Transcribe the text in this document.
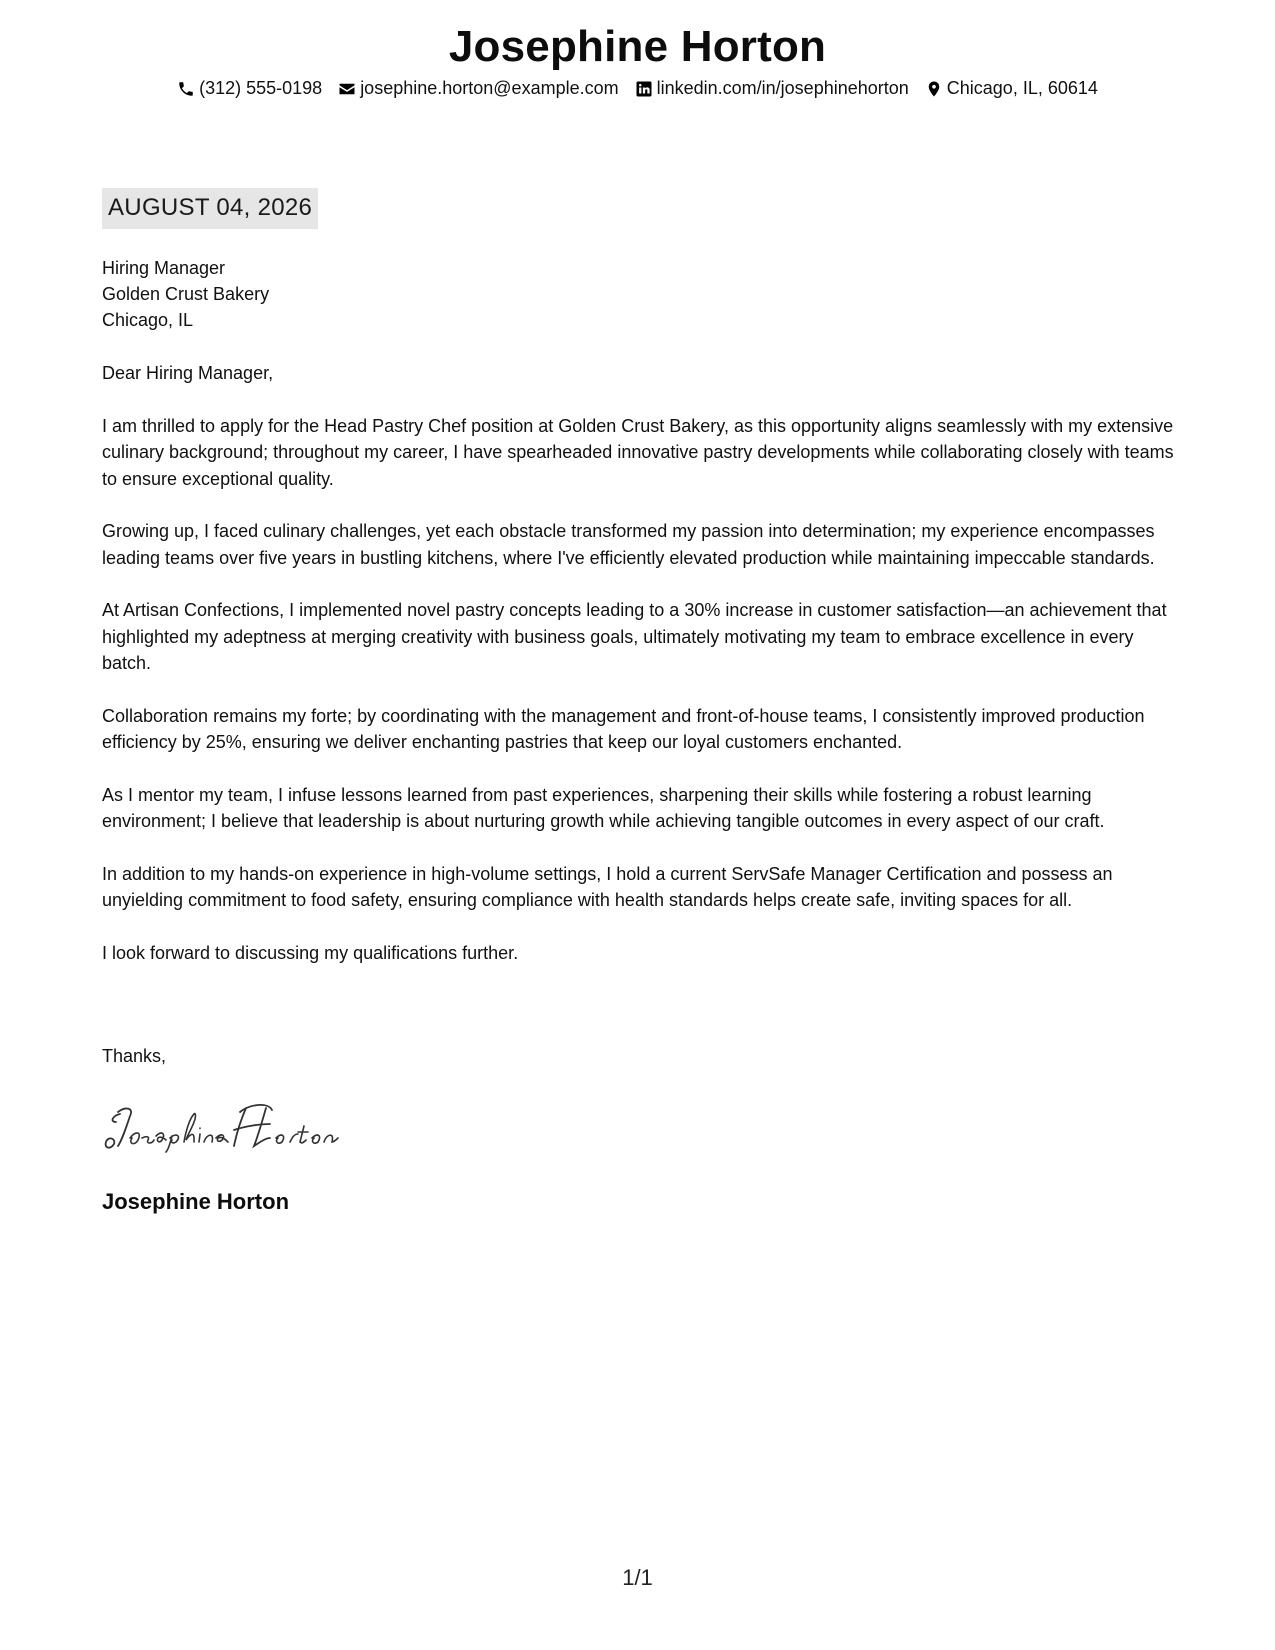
Josephine Horton
(312) 555-0198 josephine.horton@example.com linkedin.com/in/josephinehorton Chicago, IL, 60614
AUGUST 04, 2026
Hiring Manager
Golden Crust Bakery
Chicago, IL

Dear Hiring Manager,

I am thrilled to apply for the Head Pastry Chef position at Golden Crust Bakery, as this opportunity aligns seamlessly with my extensive culinary background; throughout my career, I have spearheaded innovative pastry developments while collaborating closely with teams to ensure exceptional quality.

Growing up, I faced culinary challenges, yet each obstacle transformed my passion into determination; my experience encompasses leading teams over five years in bustling kitchens, where I've efficiently elevated production while maintaining impeccable standards.

At Artisan Confections, I implemented novel pastry concepts leading to a 30% increase in customer satisfaction—an achievement that highlighted my adeptness at merging creativity with business goals, ultimately motivating my team to embrace excellence in every batch.

Collaboration remains my forte; by coordinating with the management and front-of-house teams, I consistently improved production efficiency by 25%, ensuring we deliver enchanting pastries that keep our loyal customers enchanted.

As I mentor my team, I infuse lessons learned from past experiences, sharpening their skills while fostering a robust learning environment; I believe that leadership is about nurturing growth while achieving tangible outcomes in every aspect of our craft.

In addition to my hands-on experience in high-volume settings, I hold a current ServSafe Manager Certification and possess an unyielding commitment to food safety, ensuring compliance with health standards helps create safe, inviting spaces for all.

I look forward to discussing my qualifications further.

Thanks,
Josephine Horton
1/1
